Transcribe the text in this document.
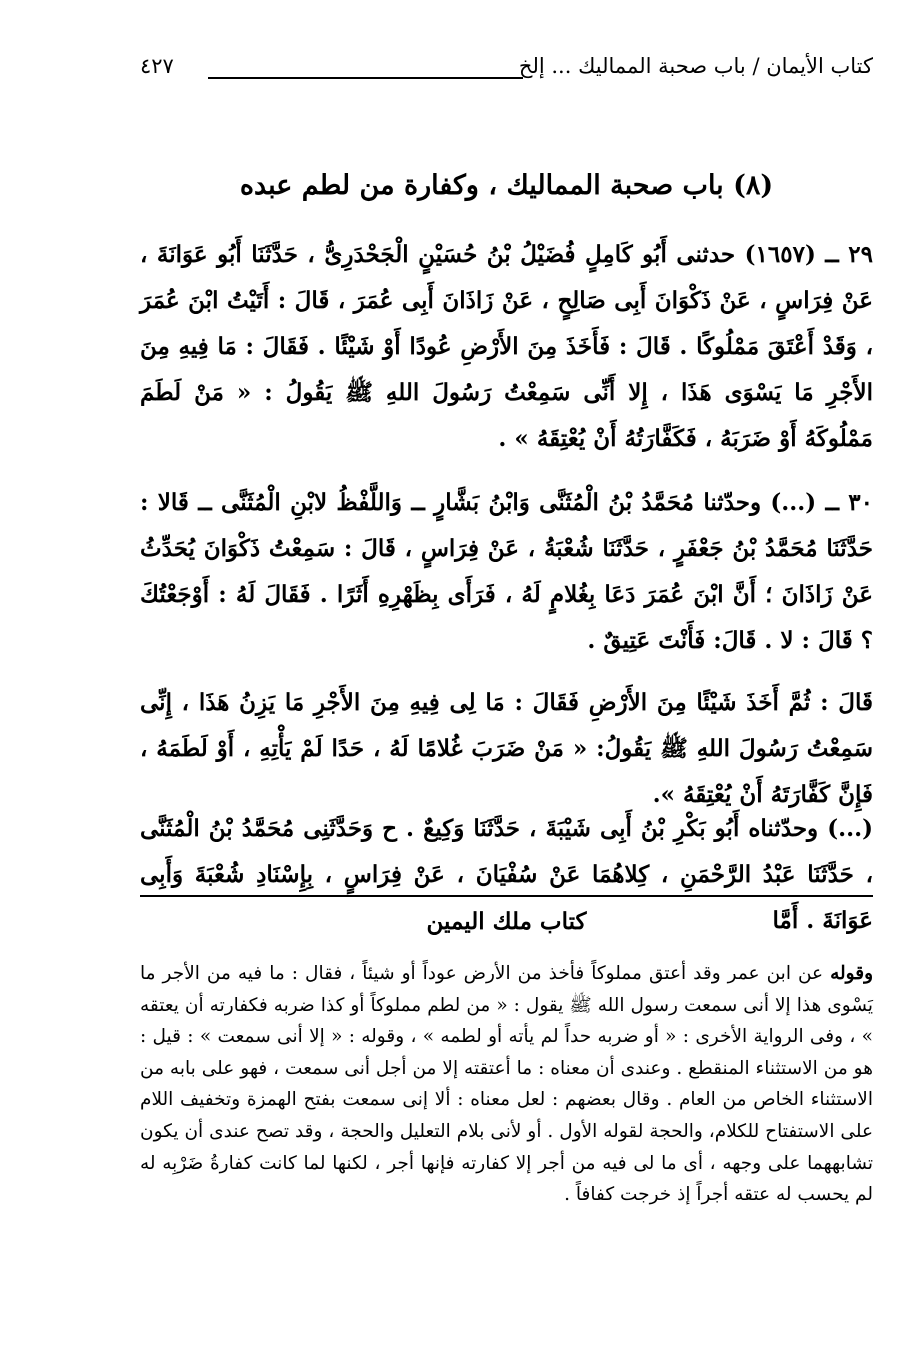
كتاب الأيمان / باب صحبة المماليك ... إلخ
٤٢٧
(٨) باب صحبة المماليك ، وكفارة من لطم عبده
٢٩ ــ (١٦٥٧) حدثنى أَبُو كَامِلٍ فُضَيْلُ بْنُ حُسَيْنٍ الْجَحْدَرِىُّ ، حَدَّثَنَا أَبُو عَوَانَةَ ، عَنْ فِرَاسٍ ، عَنْ ذَكْوَانَ أَبِى صَالِحٍ ، عَنْ زَاذَانَ أَبِى عُمَرَ ، قَالَ : أَتَيْتُ ابْنَ عُمَرَ ، وَقَدْ أَعْتَقَ مَمْلُوكًا . قَالَ : فَأَخَذَ مِنَ الأَرْضِ عُودًا أَوْ شَيْئًا . فَقَالَ : مَا فِيهِ مِنَ الأَجْرِ مَا يَسْوَى هَذَا ، إِلا أَنِّى سَمِعْتُ رَسُولَ اللهِ ﷺ يَقُولُ : « مَنْ لَطَمَ مَمْلُوكَهُ أَوْ ضَرَبَهُ ، فَكَفَّارَتُهُ أَنْ يُعْتِقَهُ » .
٣٠ ــ (...) وحدّثنا مُحَمَّدُ بْنُ الْمُثَنَّى وَابْنُ بَشَّارٍ ــ وَاللَّفْظُ لابْنِ الْمُثَنَّى ــ قَالا : حَدَّثَنَا مُحَمَّدُ بْنُ جَعْفَرٍ ، حَدَّثَنَا شُعْبَةُ ، عَنْ فِرَاسٍ ، قَالَ : سَمِعْتُ ذَكْوَانَ يُحَدِّثُ عَنْ زَاذَانَ ؛ أَنَّ ابْنَ عُمَرَ دَعَا بِغُلامٍ لَهُ ، فَرَأَى بِظَهْرِهِ أَثَرًا . فَقَالَ لَهُ : أَوْجَعْتُكَ ؟ قَالَ : لا . قَالَ: فَأَنْتَ عَتِيقٌ .
قَالَ : ثُمَّ أَخَذَ شَيْئًا مِنَ الأَرْضِ فَقَالَ : مَا لِى فِيهِ مِنَ الأَجْرِ مَا يَزِنُ هَذَا ، إِنِّى سَمِعْتُ رَسُولَ اللهِ ﷺ يَقُولُ: « مَنْ ضَرَبَ غُلامًا لَهُ ، حَدًا لَمْ يَأْتِهِ ، أَوْ لَطَمَهُ ، فَإِنَّ كَفَّارَتَهُ أَنْ يُعْتِقَهُ ».
(...) وحدّثناه أَبُو بَكْرِ بْنُ أَبِى شَيْبَةَ ، حَدَّثَنَا وَكِيعٌ . ح وَحَدَّثَنِى مُحَمَّدُ بْنُ الْمُثَنَّى ، حَدَّثَنَا عَبْدُ الرَّحْمَنِ ، كِلاهُمَا عَنْ سُفْيَانَ ، عَنْ فِرَاسٍ ، بِإِسْنَادِ شُعْبَةَ وَأَبِى عَوَانَةَ . أَمَّا
كتاب ملك اليمين
وقوله عن ابن عمر وقد أعتق مملوكاً فأخذ من الأرض عوداً أو شيئاً ، فقال : ما فيه من الأجر ما يَسْوى هذا إلا أنى سمعت رسول الله ﷺ يقول : « من لطم مملوكاً أو كذا ضربه فكفارته أن يعتقه » ، وفى الرواية الأخرى : « أو ضربه حداً لم يأته أو لطمه » ، وقوله : « إلا أنى سمعت » : قيل : هو من الاستثناء المنقطع . وعندى أن معناه : ما أعتقته إلا من أجل أنى سمعت ، فهو على بابه من الاستثناء الخاص من العام . وقال بعضهم : لعل معناه : ألا إنى سمعت بفتح الهمزة وتخفيف اللام على الاستفتاح للكلام، والحجة لقوله الأول . أو لأنى بلام التعليل والحجة ، وقد تصح عندى أن يكون تشابههما على وجهه ، أى ما لى فيه من أجر إلا كفارته فإنها أجر ، لكنها لما كانت كفارةُ ضَرْبِه له لم يحسب له عتقه أجراً إذ خرجت كفافاً .
